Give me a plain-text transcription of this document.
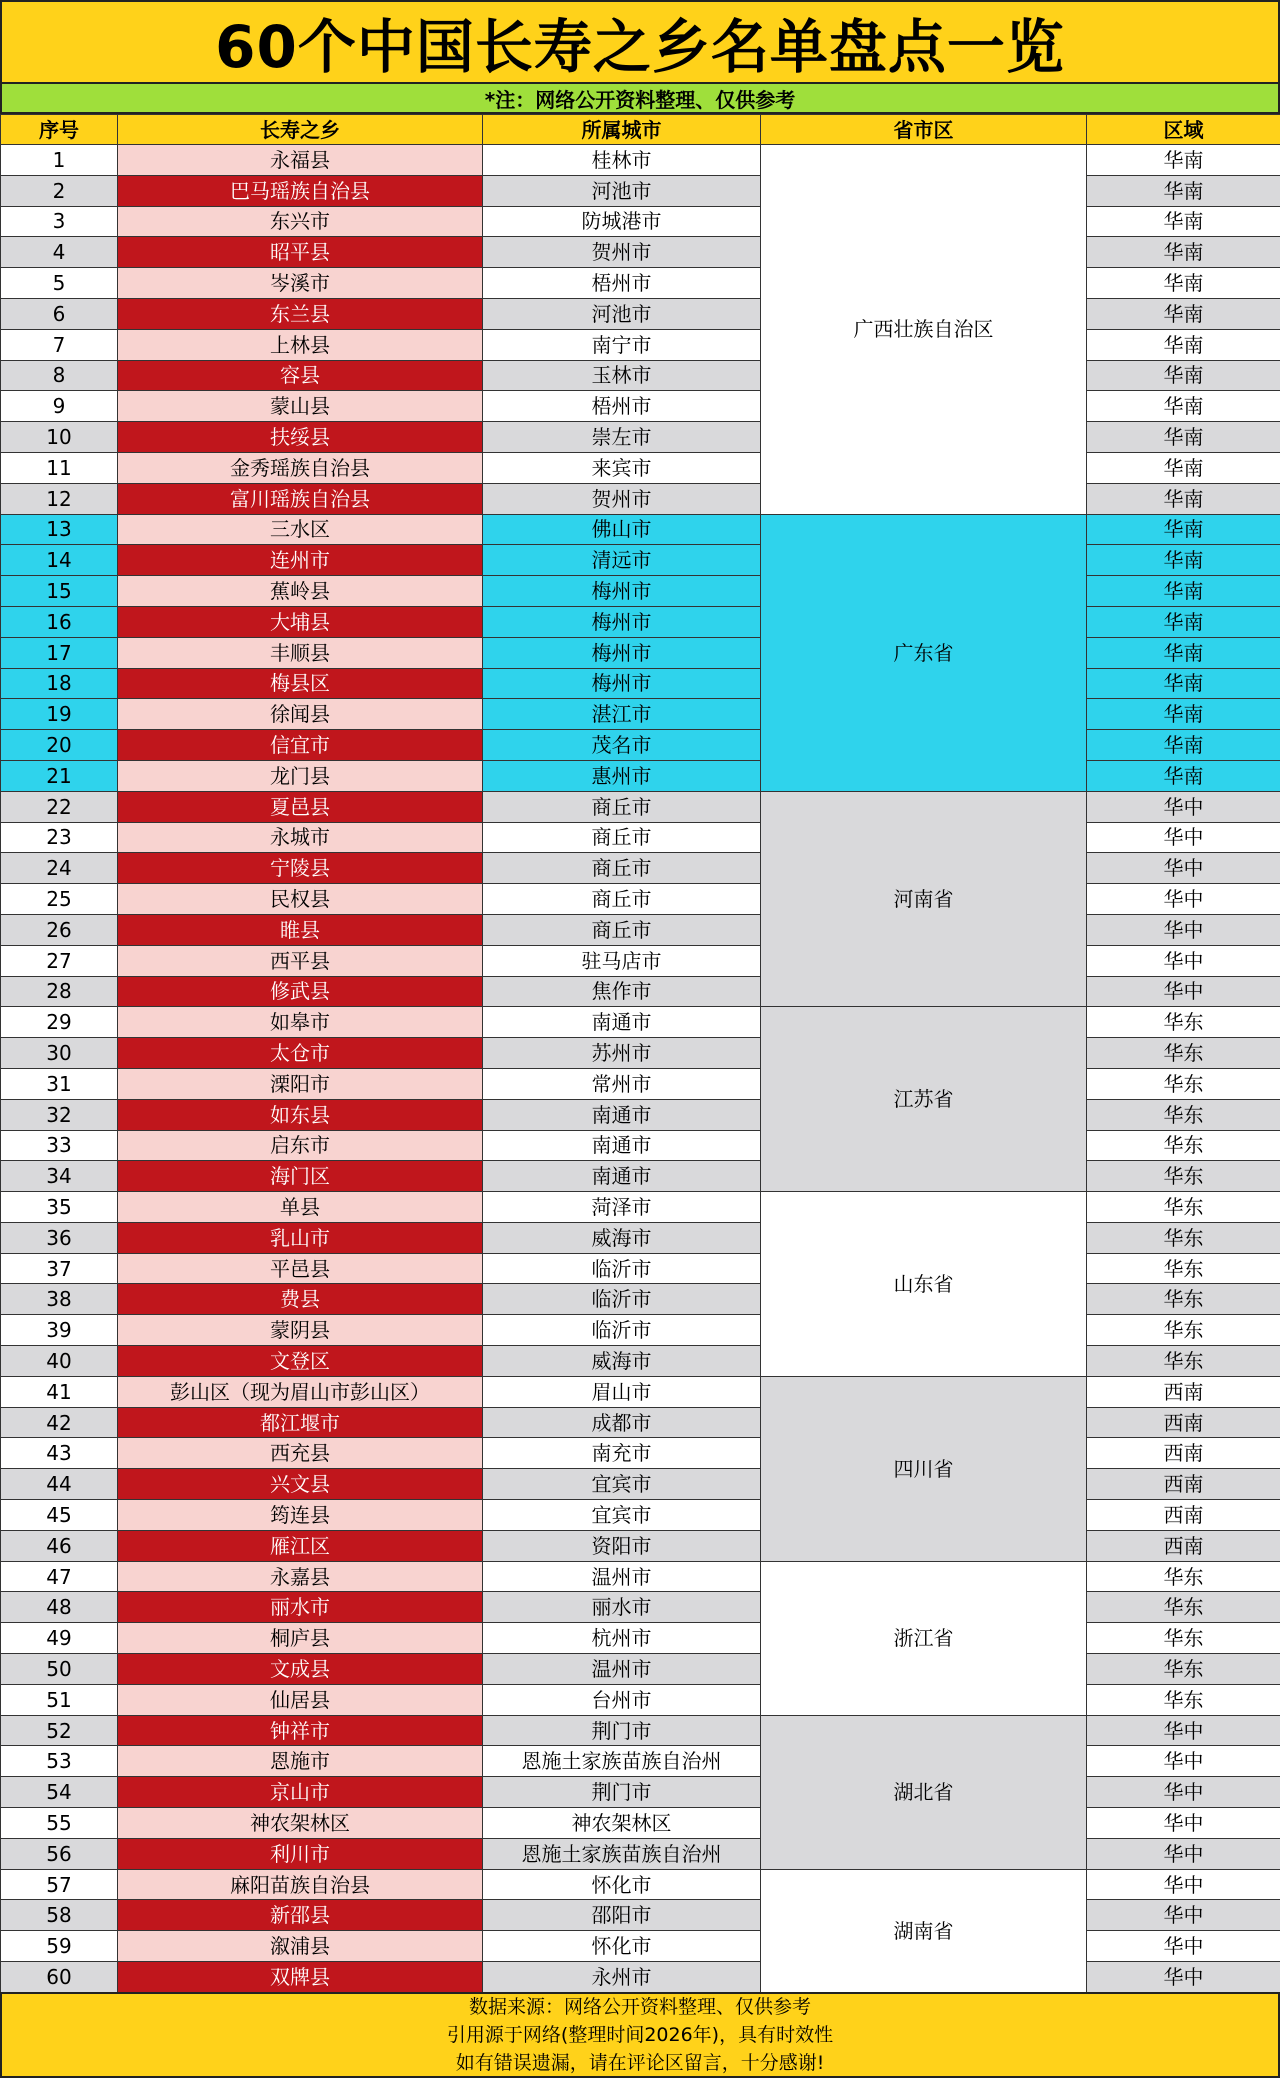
60个中国长寿之乡名单盘点一览
*注：网络公开资料整理、仅供参考
序号	长寿之乡	所属城市	省市区	区域
1	永福县	桂林市	广西壮族自治区	华南
2	巴马瑶族自治县	河池市		华南
3	东兴市	防城港市		华南
4	昭平县	贺州市		华南
5	岑溪市	梧州市		华南
6	东兰县	河池市		华南
7	上林县	南宁市		华南
8	容县	玉林市		华南
9	蒙山县	梧州市		华南
10	扶绥县	崇左市		华南
11	金秀瑶族自治县	来宾市		华南
12	富川瑶族自治县	贺州市		华南
13	三水区	佛山市	广东省	华南
14	连州市	清远市		华南
15	蕉岭县	梅州市		华南
16	大埔县	梅州市		华南
17	丰顺县	梅州市		华南
18	梅县区	梅州市		华南
19	徐闻县	湛江市		华南
20	信宜市	茂名市		华南
21	龙门县	惠州市		华南
22	夏邑县	商丘市	河南省	华中
23	永城市	商丘市		华中
24	宁陵县	商丘市		华中
25	民权县	商丘市		华中
26	睢县	商丘市		华中
27	西平县	驻马店市		华中
28	修武县	焦作市		华中
29	如皋市	南通市	江苏省	华东
30	太仓市	苏州市		华东
31	溧阳市	常州市		华东
32	如东县	南通市		华东
33	启东市	南通市		华东
34	海门区	南通市		华东
35	单县	菏泽市	山东省	华东
36	乳山市	威海市		华东
37	平邑县	临沂市		华东
38	费县	临沂市		华东
39	蒙阴县	临沂市		华东
40	文登区	威海市		华东
41	彭山区（现为眉山市彭山区）	眉山市	四川省	西南
42	都江堰市	成都市		西南
43	西充县	南充市		西南
44	兴文县	宜宾市		西南
45	筠连县	宜宾市		西南
46	雁江区	资阳市		西南
47	永嘉县	温州市	浙江省	华东
48	丽水市	丽水市		华东
49	桐庐县	杭州市		华东
50	文成县	温州市		华东
51	仙居县	台州市		华东
52	钟祥市	荆门市	湖北省	华中
53	恩施市	恩施土家族苗族自治州		华中
54	京山市	荆门市		华中
55	神农架林区	神农架林区		华中
56	利川市	恩施土家族苗族自治州		华中
57	麻阳苗族自治县	怀化市	湖南省	华中
58	新邵县	邵阳市		华中
59	溆浦县	怀化市		华中
60	双牌县	永州市		华中
数据来源：网络公开资料整理、仅供参考
引用源于网络(整理时间2026年)，具有时效性
如有错误遗漏，请在评论区留言，十分感谢!
